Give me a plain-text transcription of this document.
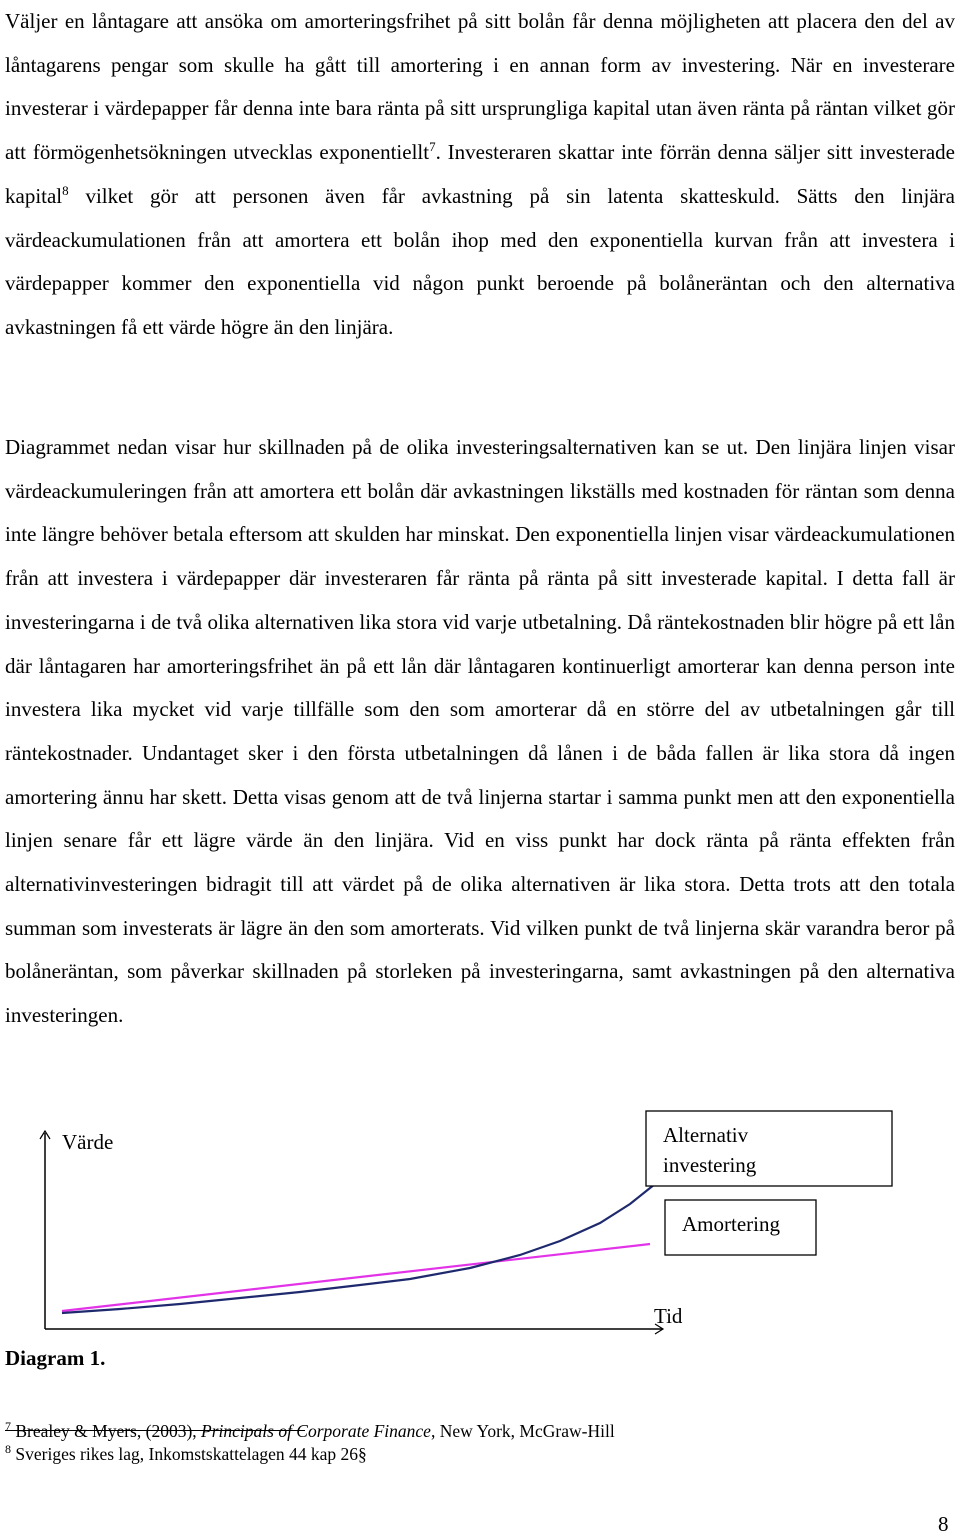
Väljer en låntagare att ansöka om amorteringsfrihet på sitt bolån får denna möjligheten att placera den del av låntagarens pengar som skulle ha gått till amortering i en annan form av investering. När en investerare investerar i värdepapper får denna inte bara ränta på sitt ursprungliga kapital utan även ränta på räntan vilket gör att förmögenhetsökningen utvecklas exponentiellt$^7$. Investeraren skattar inte förrän denna säljer sitt investerade kapital$^8$ vilket gör att personen även får avkastning på sin latenta skatteskuld. Sätts den linjära värdeackumulationen från att amortera ett bolån ihop med den exponentiella kurvan från att investera i värdepapper kommer den exponentiella vid någon punkt beroende på bolåneräntan och den alternativa avkastningen få ett värde högre än den linjära.

Diagrammet nedan visar hur skillnaden på de olika investeringsalternativen kan se ut. Den linjära linjen visar värdeackumuleringen från att amortera ett bolån där avkastningen likställs med kostnaden för räntan som denna inte längre behöver betala eftersom att skulden har minskat. Den exponentiella linjen visar värdeackumulationen från att investera i värdepapper där investeraren får ränta på ränta på sitt investerade kapital. I detta fall är investeringarna i de två olika alternativen lika stora vid varje utbetalning. Då räntekostnaden blir högre på ett lån där låntagaren har amorteringsfrihet än på ett lån där låntagaren kontinuerligt amorterar kan denna person inte investera lika mycket vid varje tillfälle som den som amorterar då en större del av utbetalningen går till räntekostnader. Undantaget sker i den första utbetalningen då lånen i de båda fallen är lika stora då ingen amortering ännu har skett. Detta visas genom att de två linjerna startar i samma punkt men att den exponentiella linjen senare får ett lägre värde än den linjära. Vid en viss punkt har dock ränta på ränta effekten från alternativinvesteringen bidragit till att värdet på de olika alternativen är lika stora. Detta trots att den totala summan som investerats är lägre än den som amorterats. Vid vilken punkt de två linjerna skär varandra beror på bolåneräntan, som påverkar skillnaden på storleken på investeringarna, samt avkastningen på den alternativa investeringen.

Värde
Tid
Alternativ
investering
Amortering

Diagram 1.

$^7$ Brealey & Myers, (2003), Principals of Corporate Finance, New York, McGraw-Hill

$^8$ Sveriges rikes lag, Inkomstskattelagen 44 kap 26§

8
